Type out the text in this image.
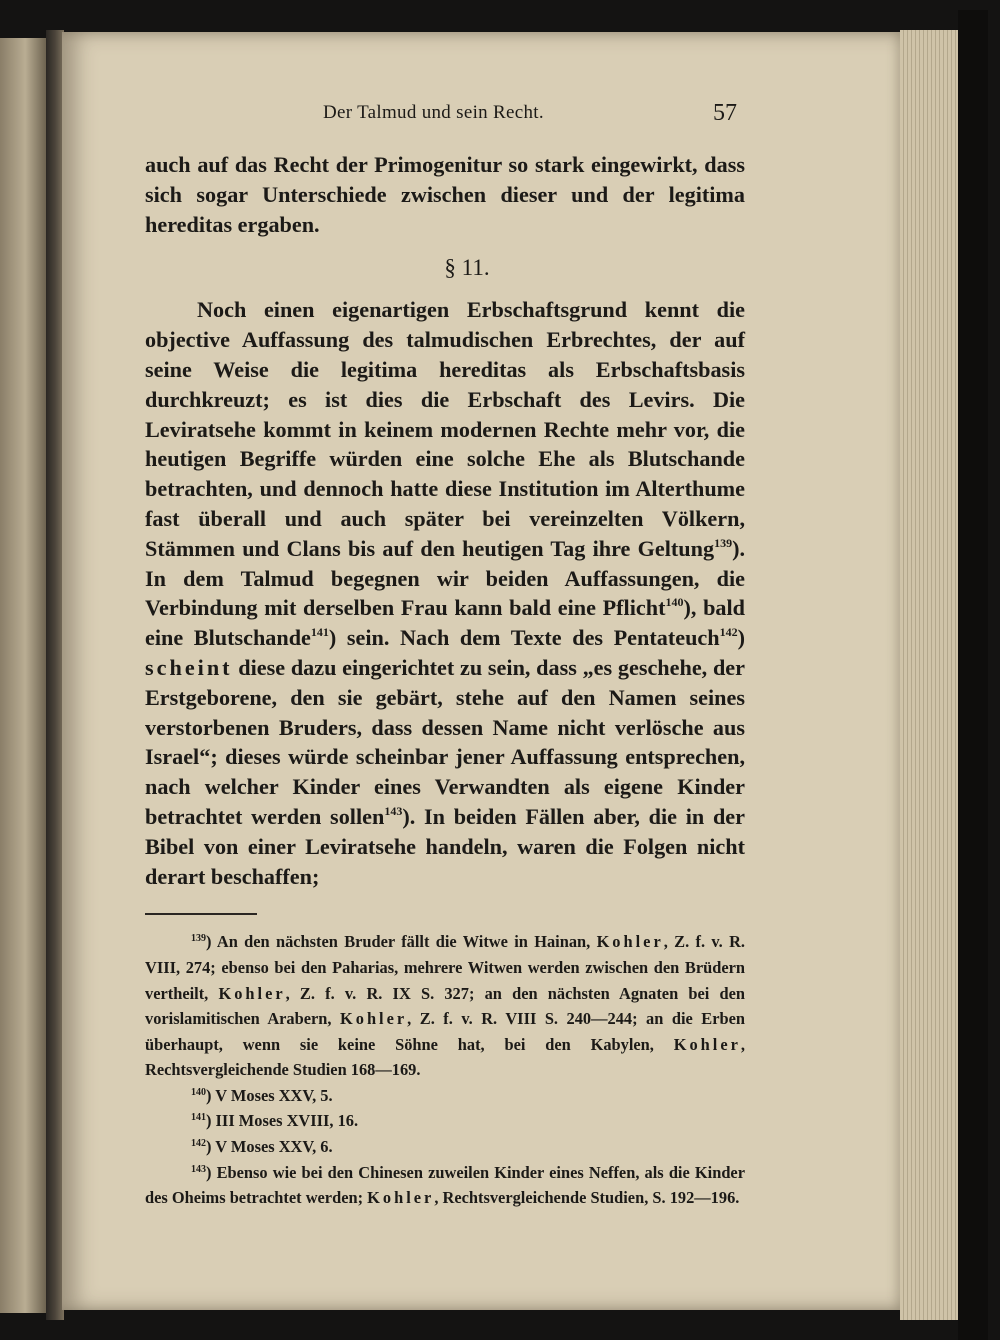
Der Talmud und sein Recht.	57

auch auf das Recht der Primogenitur so stark eingewirkt, dass sich sogar Unterschiede zwischen dieser und der legitima hereditas ergaben.

§ 11.

Noch einen eigenartigen Erbschaftsgrund kennt die objective Auffassung des talmudischen Erbrechtes, der auf seine Weise die legitima hereditas als Erbschaftsbasis durchkreuzt; es ist dies die Erbschaft des Levirs. Die Leviratsehe kommt in keinem modernen Rechte mehr vor, die heutigen Begriffe würden eine solche Ehe als Blutschande betrachten, und dennoch hatte diese Institution im Alterthume fast überall und auch später bei vereinzelten Völkern, Stämmen und Clans bis auf den heutigen Tag ihre Geltung$^{139}$). In dem Talmud begegnen wir beiden Auffassungen, die Verbindung mit derselben Frau kann bald eine Pflicht$^{140}$), bald eine Blutschande$^{141}$) sein. Nach dem Texte des Pentateuch$^{142}$) scheint diese dazu eingerichtet zu sein, dass „es geschehe, der Erstgeborene, den sie gebärt, stehe auf den Namen seines verstorbenen Bruders, dass dessen Name nicht verlösche aus Israel“; dieses würde scheinbar jener Auffassung entsprechen, nach welcher Kinder eines Verwandten als eigene Kinder betrachtet werden sollen$^{143}$). In beiden Fällen aber, die in der Bibel von einer Leviratsehe handeln, waren die Folgen nicht derart beschaffen;

$^{139}$) An den nächsten Bruder fällt die Witwe in Hainan, Kohler, Z. f. v. R. VIII, 274; ebenso bei den Paharias, mehrere Witwen werden zwischen den Brüdern vertheilt, Kohler, Z. f. v. R. IX S. 327; an den nächsten Agnaten bei den vorislamitischen Arabern, Kohler, Z. f. v. R. VIII S. 240—244; an die Erben überhaupt, wenn sie keine Söhne hat, bei den Kabylen, Kohler, Rechtsvergleichende Studien 168—169.

$^{140}$) V Moses XXV, 5.

$^{141}$) III Moses XVIII, 16.

$^{142}$) V Moses XXV, 6.

$^{143}$) Ebenso wie bei den Chinesen zuweilen Kinder eines Neffen, als die Kinder des Oheims betrachtet werden; Kohler, Rechtsvergleichende Studien, S. 192—196.
